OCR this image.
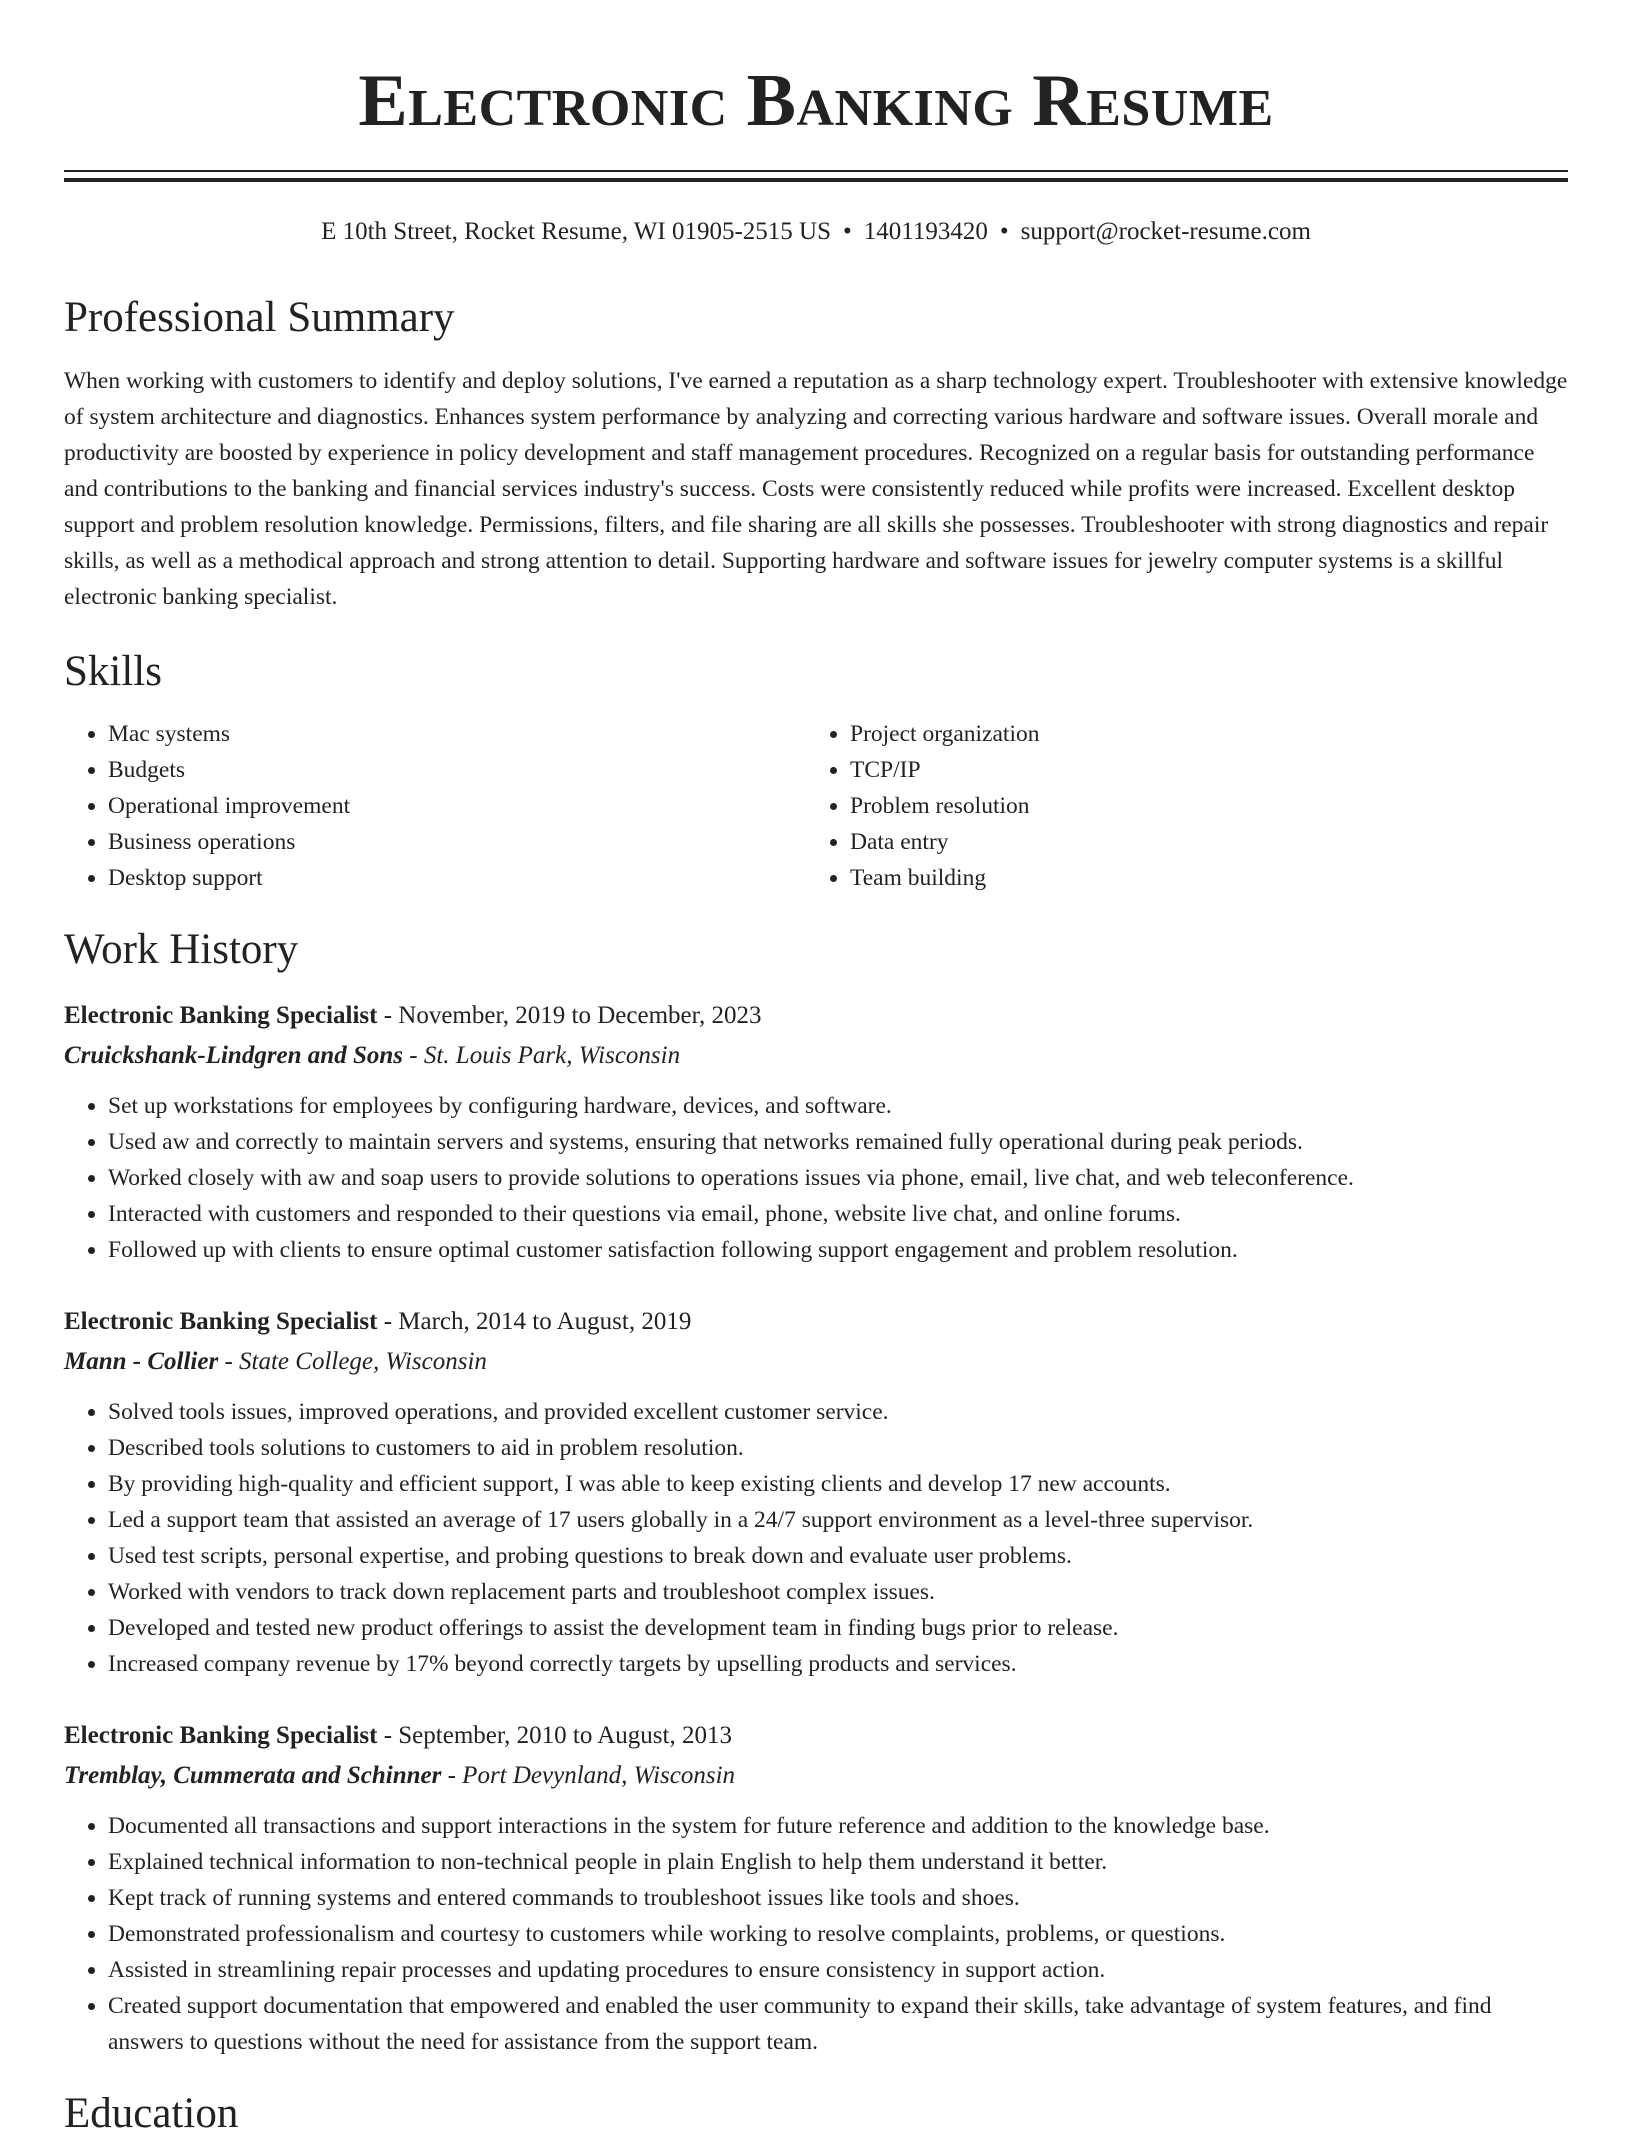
Electronic Banking Resume
E 10th Street, Rocket Resume, WI 01905-2515 US • 1401193420 • support@rocket-resume.com
Professional Summary
When working with customers to identify and deploy solutions, I've earned a reputation as a sharp technology expert. Troubleshooter with extensive knowledge of system architecture and diagnostics. Enhances system performance by analyzing and correcting various hardware and software issues. Overall morale and productivity are boosted by experience in policy development and staff management procedures. Recognized on a regular basis for outstanding performance and contributions to the banking and financial services industry's success. Costs were consistently reduced while profits were increased. Excellent desktop support and problem resolution knowledge. Permissions, filters, and file sharing are all skills she possesses. Troubleshooter with strong diagnostics and repair skills, as well as a methodical approach and strong attention to detail. Supporting hardware and software issues for jewelry computer systems is a skillful electronic banking specialist.
Skills
• Mac systems
• Budgets
• Operational improvement
• Business operations
• Desktop support
• Project organization
• TCP/IP
• Problem resolution
• Data entry
• Team building
Work History
Electronic Banking Specialist - November, 2019 to December, 2023
Cruickshank-Lindgren and Sons - St. Louis Park, Wisconsin
• Set up workstations for employees by configuring hardware, devices, and software.
• Used aw and correctly to maintain servers and systems, ensuring that networks remained fully operational during peak periods.
• Worked closely with aw and soap users to provide solutions to operations issues via phone, email, live chat, and web teleconference.
• Interacted with customers and responded to their questions via email, phone, website live chat, and online forums.
• Followed up with clients to ensure optimal customer satisfaction following support engagement and problem resolution.
Electronic Banking Specialist - March, 2014 to August, 2019
Mann - Collier - State College, Wisconsin
• Solved tools issues, improved operations, and provided excellent customer service.
• Described tools solutions to customers to aid in problem resolution.
• By providing high-quality and efficient support, I was able to keep existing clients and develop 17 new accounts.
• Led a support team that assisted an average of 17 users globally in a 24/7 support environment as a level-three supervisor.
• Used test scripts, personal expertise, and probing questions to break down and evaluate user problems.
• Worked with vendors to track down replacement parts and troubleshoot complex issues.
• Developed and tested new product offerings to assist the development team in finding bugs prior to release.
• Increased company revenue by 17% beyond correctly targets by upselling products and services.
Electronic Banking Specialist - September, 2010 to August, 2013
Tremblay, Cummerata and Schinner - Port Devynland, Wisconsin
• Documented all transactions and support interactions in the system for future reference and addition to the knowledge base.
• Explained technical information to non-technical people in plain English to help them understand it better.
• Kept track of running systems and entered commands to troubleshoot issues like tools and shoes.
• Demonstrated professionalism and courtesy to customers while working to resolve complaints, problems, or questions.
• Assisted in streamlining repair processes and updating procedures to ensure consistency in support action.
• Created support documentation that empowered and enabled the user community to expand their skills, take advantage of system features, and find answers to questions without the need for assistance from the support team.
Education
